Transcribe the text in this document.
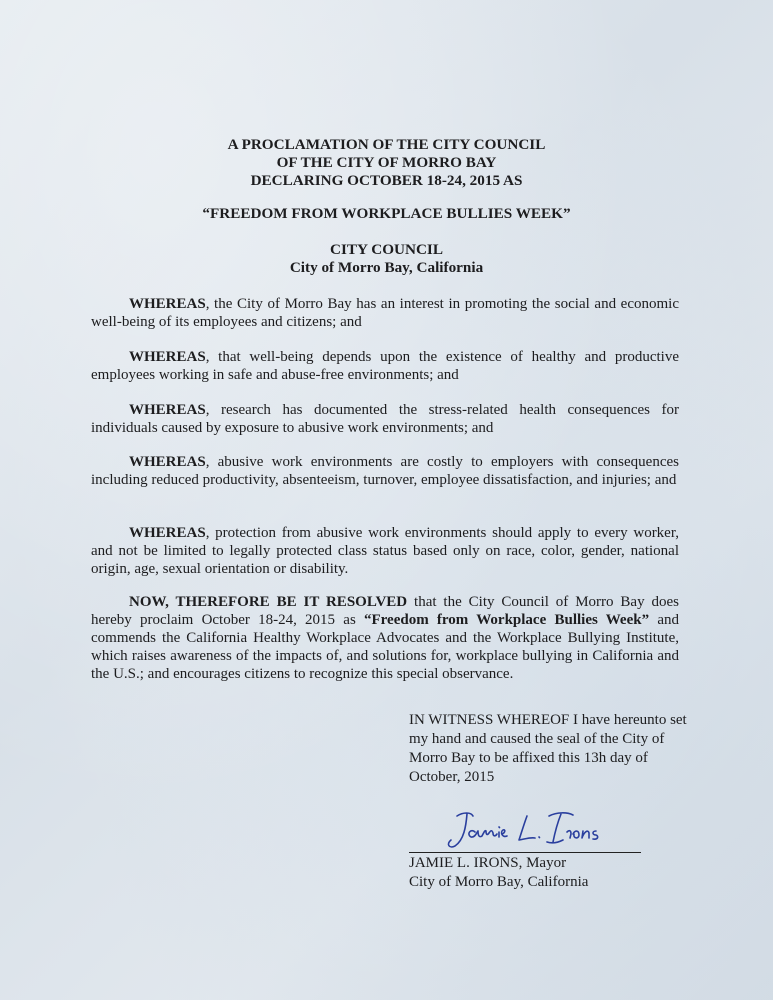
A PROCLAMATION OF THE CITY COUNCIL
OF THE CITY OF MORRO BAY
DECLARING OCTOBER 18-24, 2015 AS
“FREEDOM FROM WORKPLACE BULLIES WEEK”
CITY COUNCIL
City of Morro Bay, California
WHEREAS, the City of Morro Bay has an interest in promoting the social and economic well-being of its employees and citizens; and
WHEREAS, that well-being depends upon the existence of healthy and productive employees working in safe and abuse-free environments; and
WHEREAS, research has documented the stress-related health consequences for individuals caused by exposure to abusive work environments; and
WHEREAS, abusive work environments are costly to employers with consequences including reduced productivity, absenteeism, turnover, employee dissatisfaction, and injuries; and
WHEREAS, protection from abusive work environments should apply to every worker, and not be limited to legally protected class status based only on race, color, gender, national origin, age, sexual orientation or disability.
NOW, THEREFORE BE IT RESOLVED that the City Council of Morro Bay does hereby proclaim October 18-24, 2015 as “Freedom from Workplace Bullies Week” and commends the California Healthy Workplace Advocates and the Workplace Bullying Institute, which raises awareness of the impacts of, and solutions for, workplace bullying in California and the U.S.; and encourages citizens to recognize this special observance.
IN WITNESS WHEREOF I have hereunto set my hand and caused the seal of the City of Morro Bay to be affixed this 13h day of October, 2015
JAMIE L. IRONS, Mayor
City of Morro Bay, California
